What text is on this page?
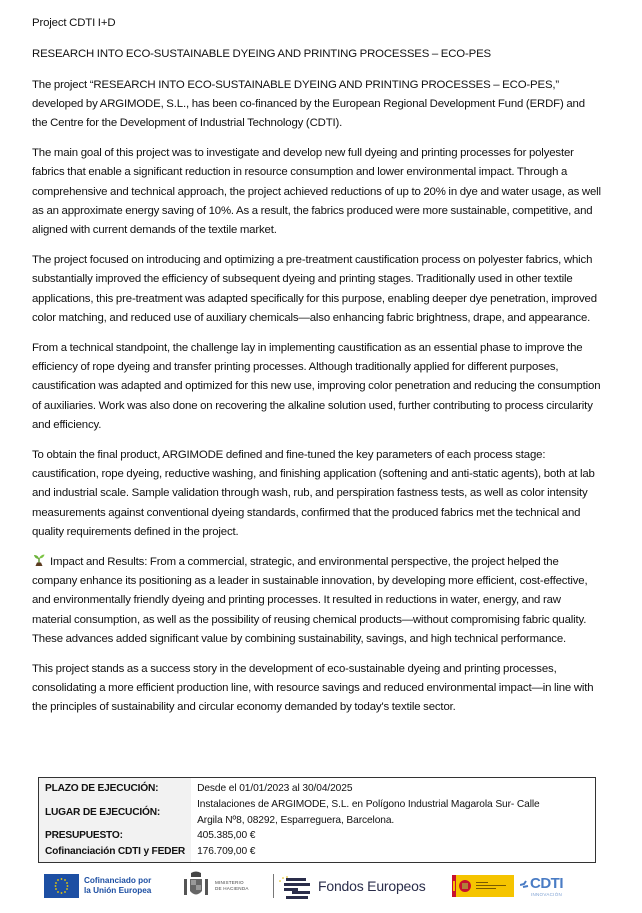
Project CDTI I+D

RESEARCH INTO ECO-SUSTAINABLE DYEING AND PRINTING PROCESSES – ECO-PES

The project “RESEARCH INTO ECO-SUSTAINABLE DYEING AND PRINTING PROCESSES – ECO-PES,” developed by ARGIMODE, S.L., has been co-financed by the European Regional Development Fund (ERDF) and the Centre for the Development of Industrial Technology (CDTI).

The main goal of this project was to investigate and develop new full dyeing and printing processes for polyester fabrics that enable a significant reduction in resource consumption and lower environmental impact. Through a comprehensive and technical approach, the project achieved reductions of up to 20% in dye and water usage, as well as an approximate energy saving of 10%. As a result, the fabrics produced were more sustainable, competitive, and aligned with current demands of the textile market.

The project focused on introducing and optimizing a pre-treatment caustification process on polyester fabrics, which substantially improved the efficiency of subsequent dyeing and printing stages. Traditionally used in other textile applications, this pre-treatment was adapted specifically for this purpose, enabling deeper dye penetration, improved color matching, and reduced use of auxiliary chemicals—also enhancing fabric brightness, drape, and appearance.

From a technical standpoint, the challenge lay in implementing caustification as an essential phase to improve the efficiency of rope dyeing and transfer printing processes. Although traditionally applied for different purposes, caustification was adapted and optimized for this new use, improving color penetration and reducing the consumption of auxiliaries. Work was also done on recovering the alkaline solution used, further contributing to process circularity and efficiency.

To obtain the final product, ARGIMODE defined and fine-tuned the key parameters of each process stage: caustification, rope dyeing, reductive washing, and finishing application (softening and anti-static agents), both at lab and industrial scale. Sample validation through wash, rub, and perspiration fastness tests, as well as color intensity measurements against conventional dyeing standards, confirmed that the produced fabrics met the technical and quality requirements defined in the project.

Impact and Results: From a commercial, strategic, and environmental perspective, the project helped the company enhance its positioning as a leader in sustainable innovation, by developing more efficient, cost-effective, and environmentally friendly dyeing and printing processes. It resulted in reductions in water, energy, and raw material consumption, as well as the possibility of reusing chemical products—without compromising fabric quality. These advances added significant value by combining sustainability, savings, and high technical performance.

This project stands as a success story in the development of eco-sustainable dyeing and printing processes, consolidating a more efficient production line, with resource savings and reduced environmental impact—in line with the principles of sustainability and circular economy demanded by today's textile sector.

PLAZO DE EJECUCIÓN:	Desde el 01/01/2023 al 30/04/2025
LUGAR DE EJECUCIÓN:	Instalaciones de ARGIMODE, S.L. en Polígono Industrial Magarola Sur- Calle
Argila Nº8, 08292, Esparreguera, Barcelona.

PRESUPUESTO:	405.385,00 €
Cofinanciación CDTI y FEDER	176.709,00 €
Cofinanciado por
la Unión Europea
MINISTERIO
DE HACIENDA	Fondos Europeos	CDTI
INNOVACIÓN
